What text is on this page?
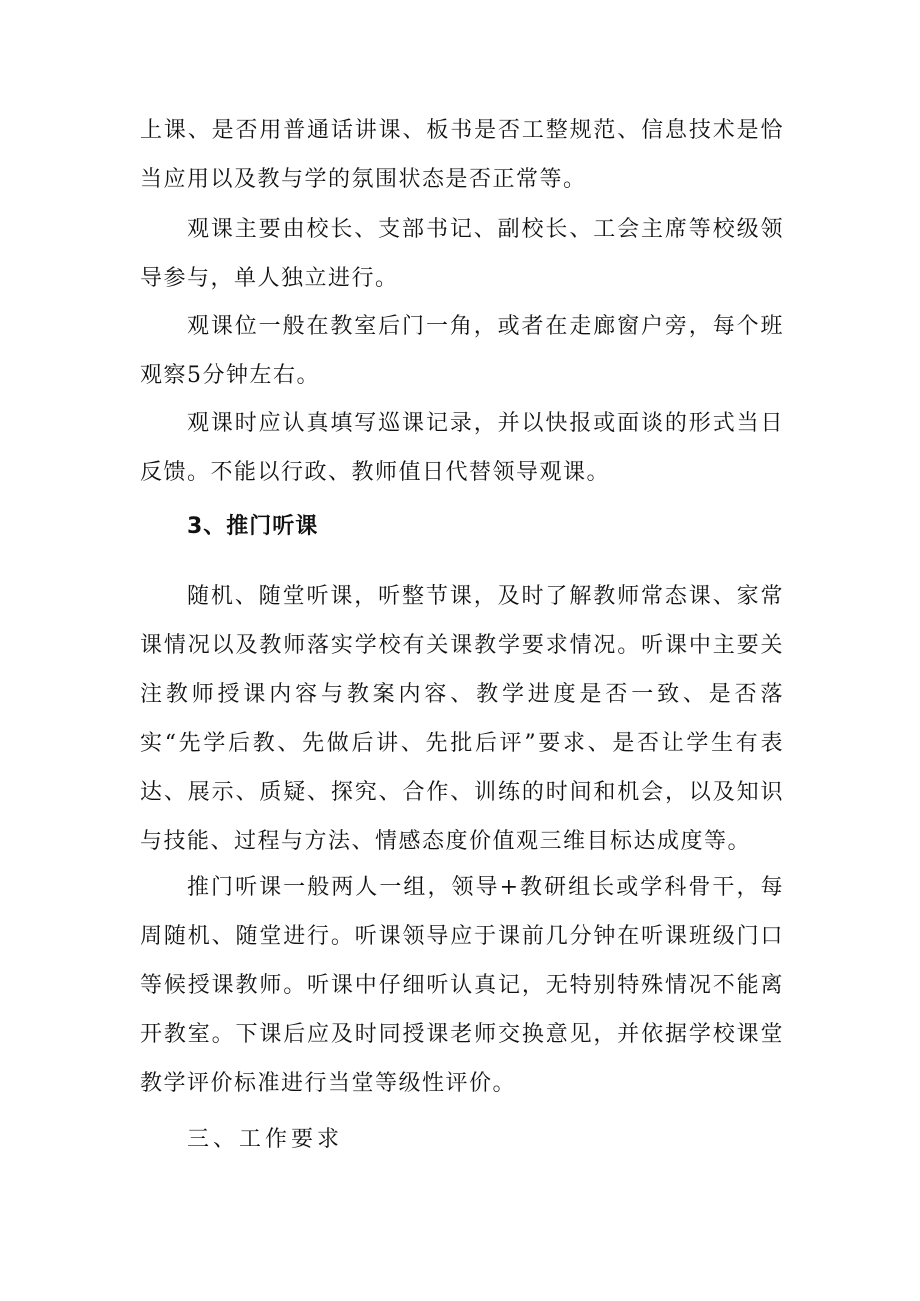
上课、是否用普通话讲课、板书是否工整规范、信息技术是恰当应用以及教与学的氛围状态是否正常等。

观课主要由校长、支部书记、副校长、工会主席等校级领导参与，单人独立进行。

观课位一般在教室后门一角，或者在走廊窗户旁，每个班观察5分钟左右。

观课时应认真填写巡课记录，并以快报或面谈的形式当日反馈。不能以行政、教师值日代替领导观课。

3、推门听课

随机、随堂听课，听整节课，及时了解教师常态课、家常课情况以及教师落实学校有关课教学要求情况。听课中主要关注教师授课内容与教案内容、教学进度是否一致、是否落实“先学后教、先做后讲、先批后评”要求、是否让学生有表达、展示、质疑、探究、合作、训练的时间和机会，以及知识与技能、过程与方法、情感态度价值观三维目标达成度等。

推门听课一般两人一组，领导+教研组长或学科骨干，每周随机、随堂进行。听课领导应于课前几分钟在听课班级门口等候授课教师。听课中仔细听认真记，无特别特殊情况不能离开教室。下课后应及时同授课老师交换意见，并依据学校课堂教学评价标准进行当堂等级性评价。

三、工作要求
